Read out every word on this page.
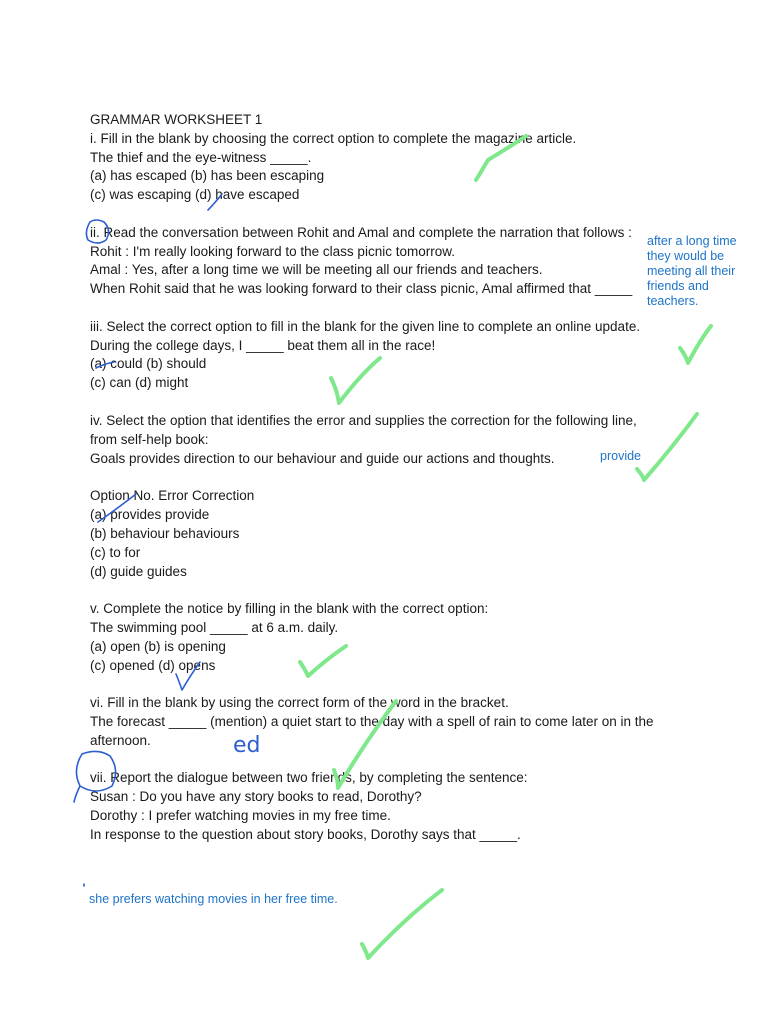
GRAMMAR WORKSHEET 1
i. Fill in the blank by choosing the correct option to complete the magazine article.
The thief and the eye-witness _____.
(a) has escaped (b) has been escaping
(c) was escaping (d) have escaped
ii. Read the conversation between Rohit and Amal and complete the narration that follows :
Rohit : I'm really looking forward to the class picnic tomorrow.
Amal : Yes, after a long time we will be meeting all our friends and teachers.
When Rohit said that he was looking forward to their class picnic, Amal affirmed that _____
iii. Select the correct option to fill in the blank for the given line to complete an online update.
During the college days, I _____ beat them all in the race!
(a) could (b) should
(c) can (d) might
iv. Select the option that identifies the error and supplies the correction for the following line,
from self-help book:
Goals provides direction to our behaviour and guide our actions and thoughts.
Option No. Error Correction
(a) provides provide
(b) behaviour behaviours
(c) to for
(d) guide guides
v. Complete the notice by filling in the blank with the correct option:
The swimming pool _____ at 6 a.m. daily.
(a) open (b) is opening
(c) opened (d) opens
vi. Fill in the blank by using the correct form of the word in the bracket.
The forecast _____ (mention) a quiet start to the day with a spell of rain to come later on in the
afternoon.
vii. Report the dialogue between two friends, by completing the sentence:
Susan : Do you have any story books to read, Dorothy?
Dorothy : I prefer watching movies in my free time.
In response to the question about story books, Dorothy says that _____.
after a long time
they would be
meeting all their
friends and
teachers.
provide
she prefers watching movies in her free time.
ed
